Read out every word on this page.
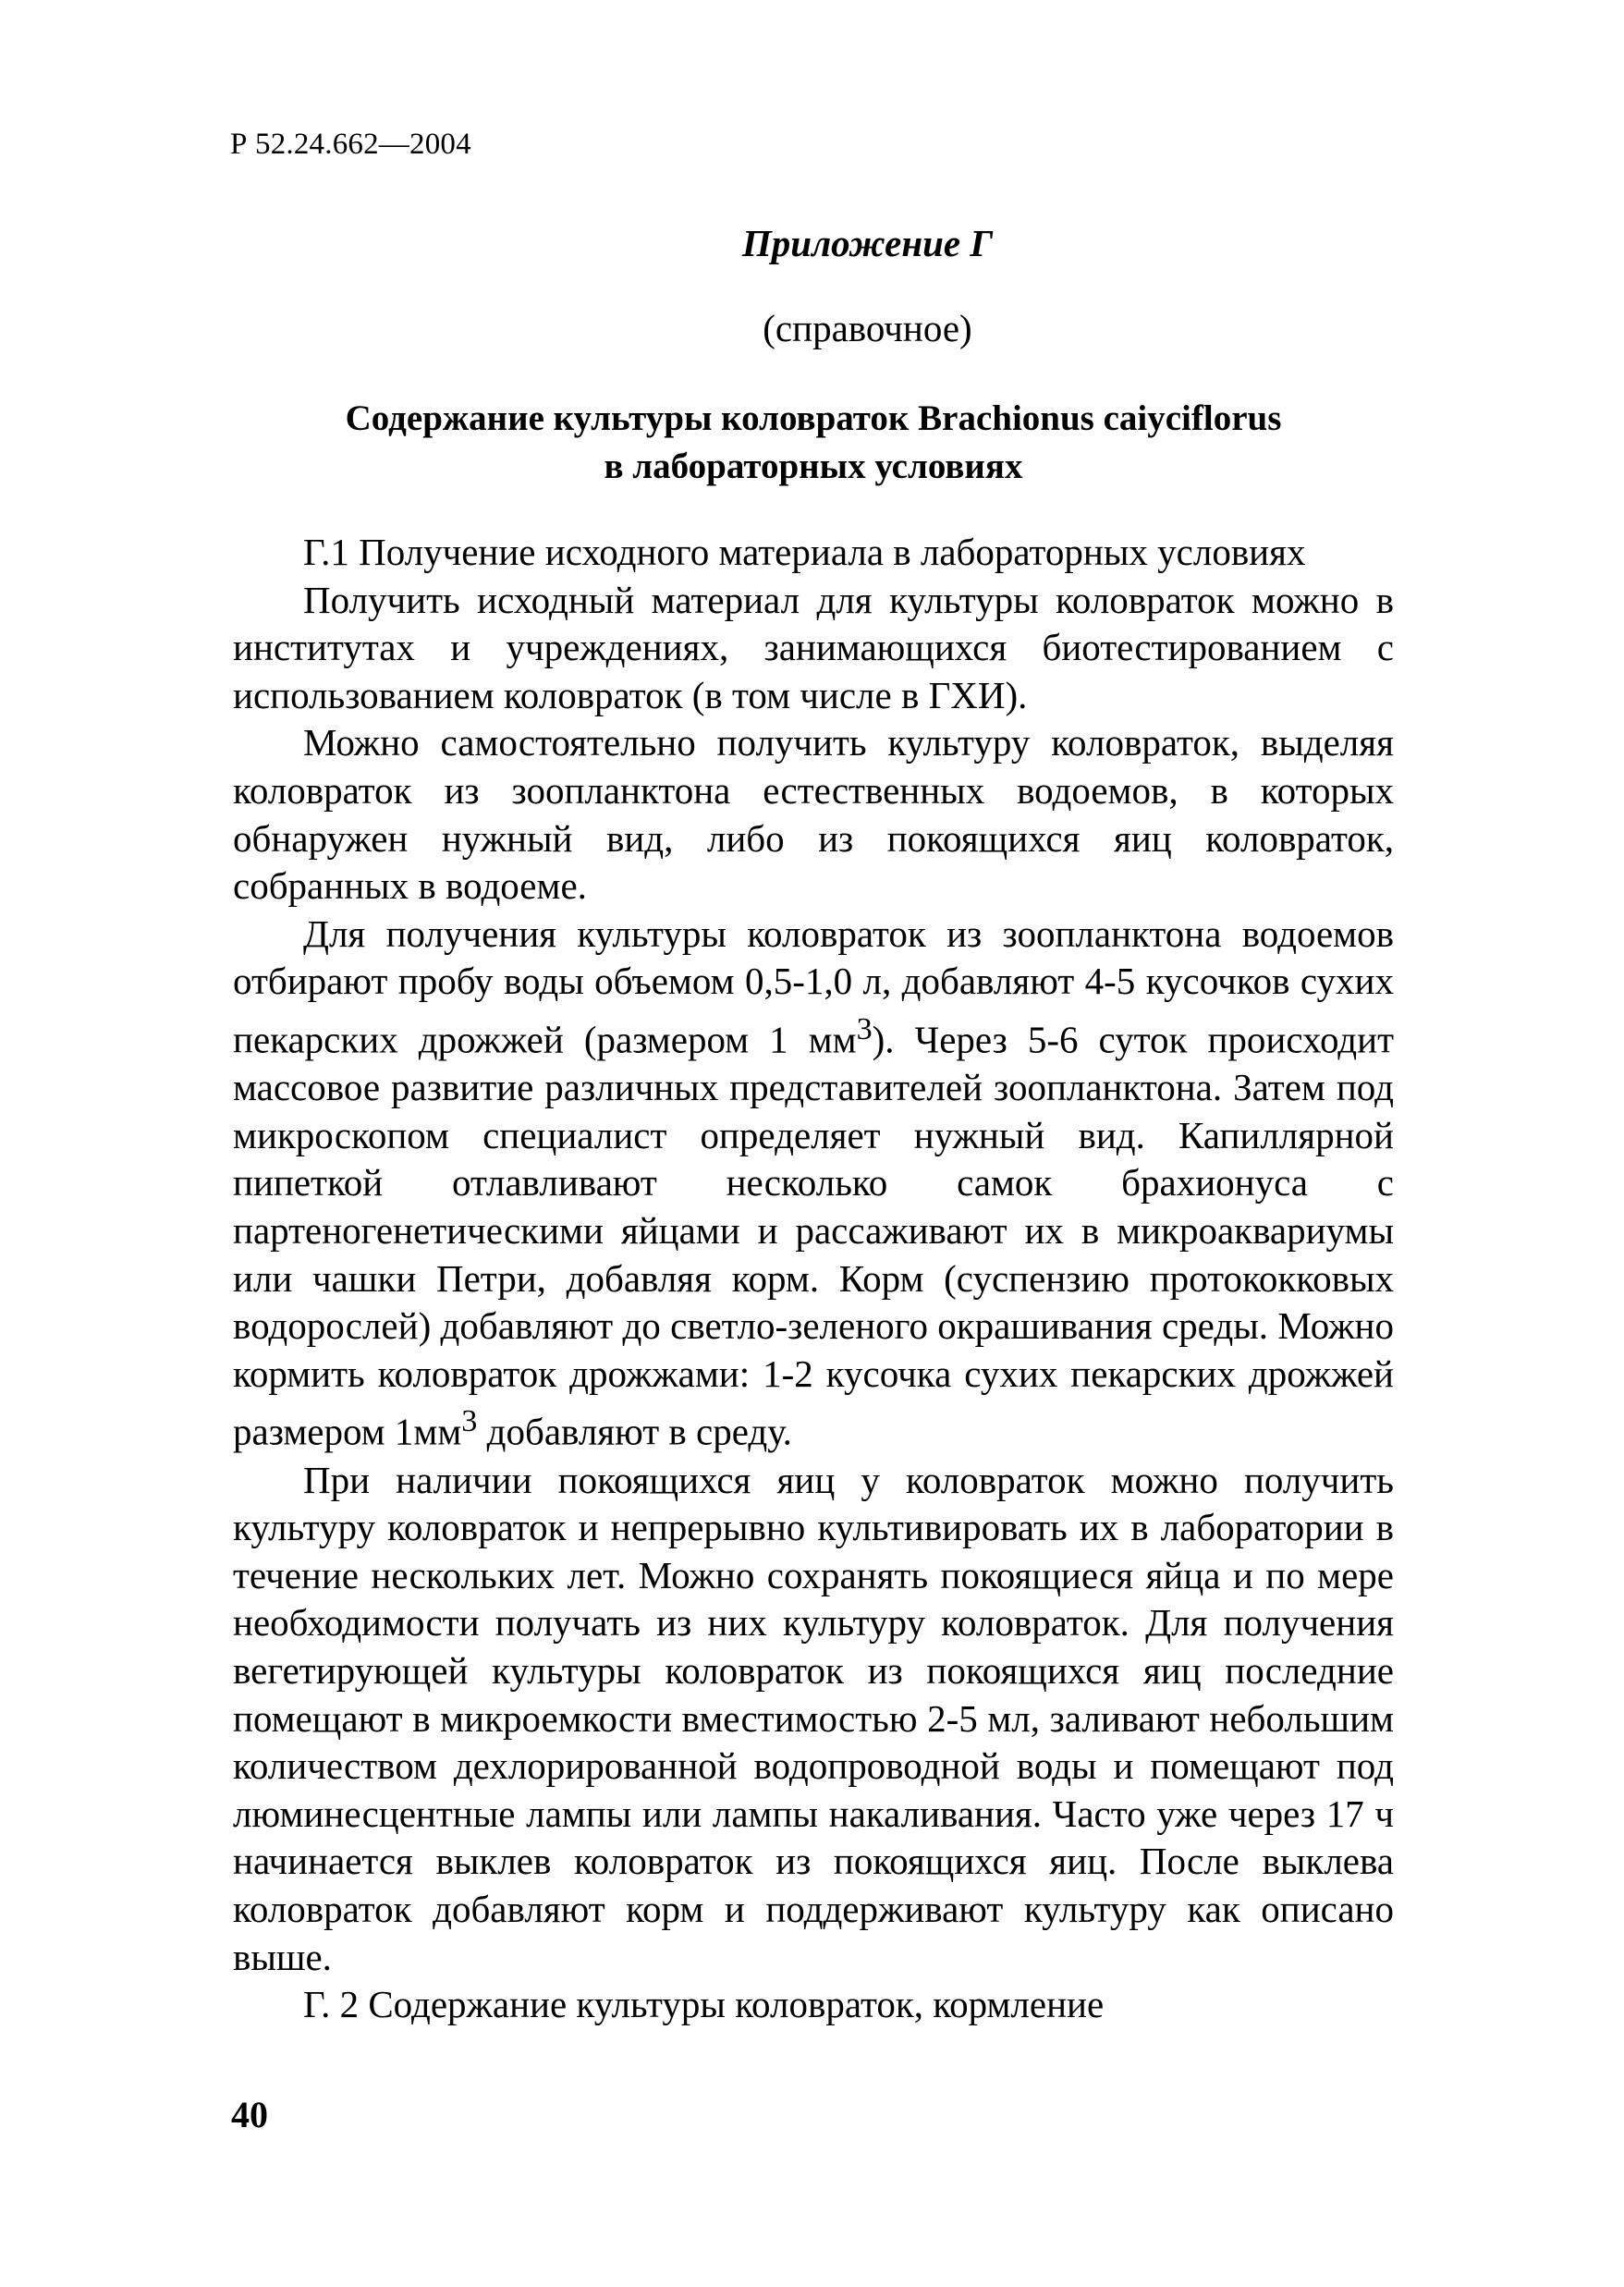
Р 52.24.662—2004
Приложение Г
(справочное)
Содержание культуры коловраток Brachionus caiyciflorus
в лабораторных условиях

Г.1 Получение исходного материала в лабораторных условиях

Получить исходный материал для культуры коловраток можно в институтах и учреждениях, занимающихся биотестированием с использованием коловраток (в том числе в ГХИ).

Можно самостоятельно получить культуру коловраток, выделяя коловраток из зоопланктона естественных водоемов, в которых обнаружен нужный вид, либо из покоящихся яиц коловраток, собранных в водоеме.

Для получения культуры коловраток из зоопланктона водоемов отбирают пробу воды объемом 0,5-1,0 л, добавляют 4-5 кусочков сухих пекарских дрожжей (размером 1 $мм^3$). Через 5-6 суток происходит массовое развитие различных представителей зоопланктона. Затем под микроскопом специалист определяет нужный вид. Капиллярной пипеткой отлавливают несколько самок брахионуса с партеногенетическими яйцами и рассаживают их в микроаквариумы или чашки Петри, добавляя корм. Корм (суспензию протококковых водорослей) добавляют до светло-зеленого окрашивания среды. Можно кормить коловраток дрожжами: 1-2 кусочка сухих пекарских дрожжей размером $1мм^3$ добавляют в среду.

При наличии покоящихся яиц у коловраток можно получить культуру коловраток и непрерывно культивировать их в лаборатории в течение нескольких лет. Можно сохранять покоящиеся яйца и по мере необходимости получать из них культуру коловраток. Для получения вегетирующей культуры коловраток из покоящихся яиц последние помещают в микроемкости вместимостью 2-5 мл, заливают небольшим количеством дехлорированной водопроводной воды и помещают под люминесцентные лампы или лампы накаливания. Часто уже через 17 ч начинается выклев коловраток из покоящихся яиц. После выклева коловраток добавляют корм и поддерживают культуру как описано выше.

Г. 2 Содержание культуры коловраток, кормление

40
